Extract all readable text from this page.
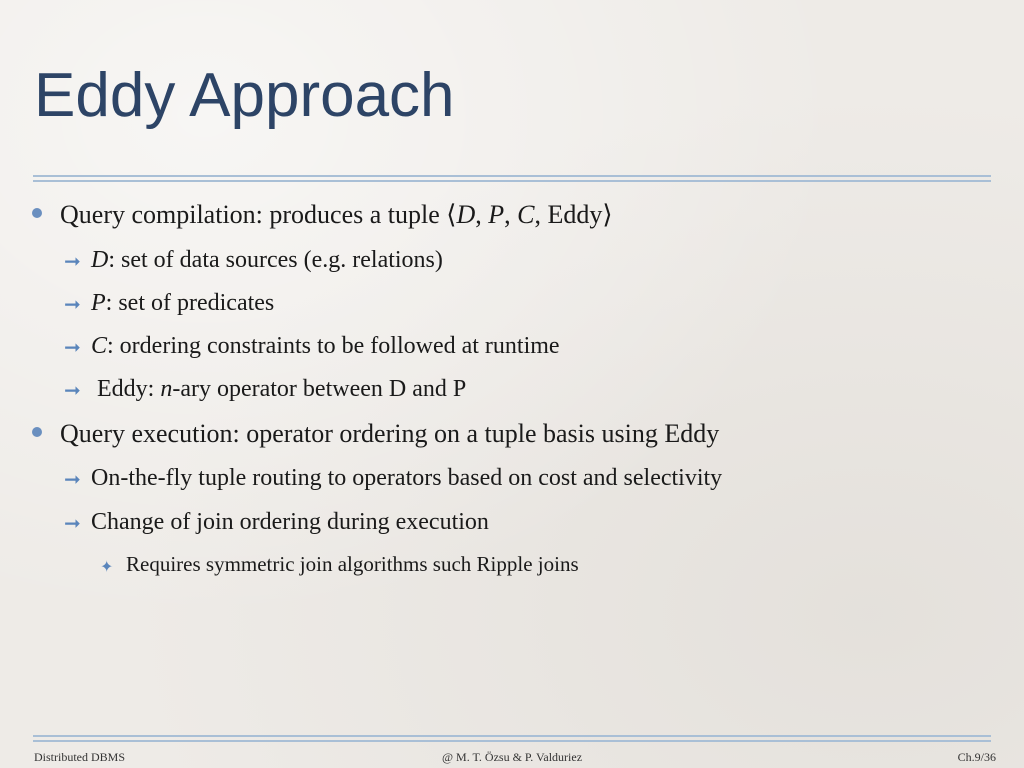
Eddy Approach
Query compilation: produces a tuple ⟨D, P, C, Eddy⟩
➞ D: set of data sources (e.g. relations)
➞ P: set of predicates
➞ C: ordering constraints to be followed at runtime
➞ Eddy: n-ary operator between D and P
Query execution: operator ordering on a tuple basis using Eddy
➞ On-the-fly tuple routing to operators based on cost and selectivity
➞ Change of join ordering during execution
✦ Requires symmetric join algorithms such Ripple joins
Distributed DBMS	@ M. T. Özsu & P. Valduriez	Ch.9/36
